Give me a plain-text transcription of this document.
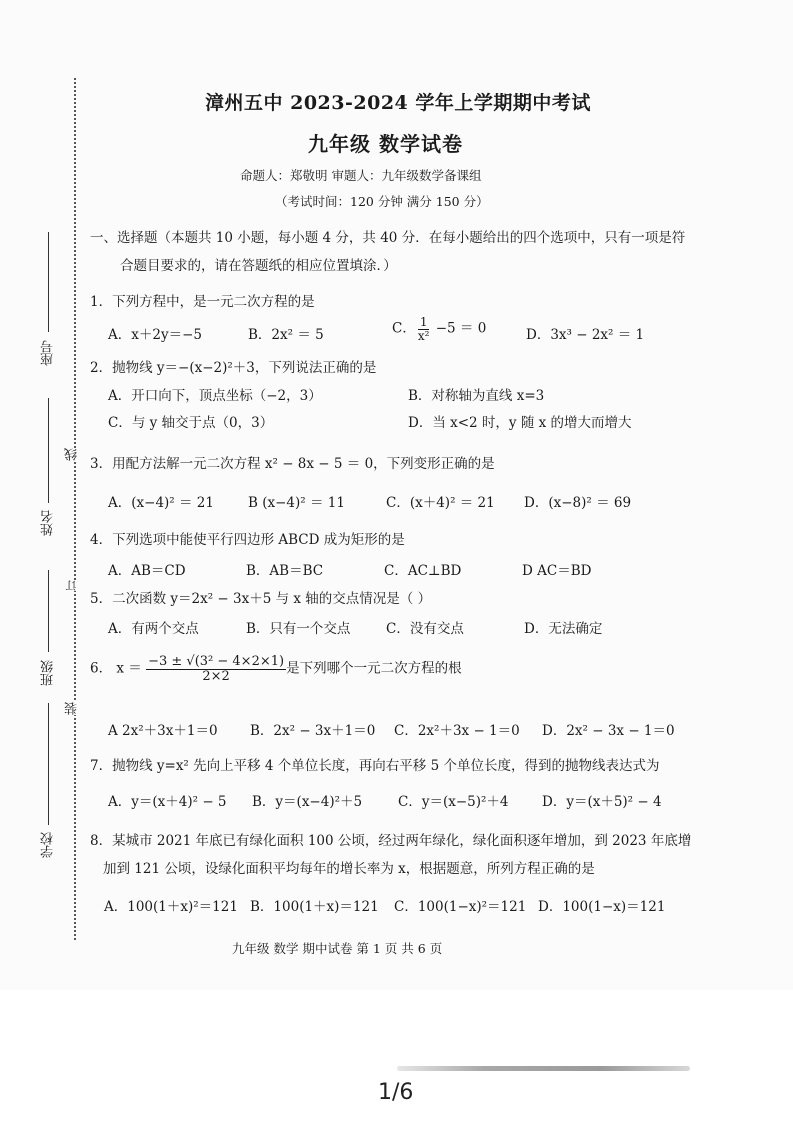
座号
姓名
班级
学校
线
订
装
漳州五中 2023-2024 学年上学期期中考试
九年级 数学试卷
命题人：郑敬明 审题人：九年级数学备课组
（考试时间：120 分钟 满分 150 分）
一、选择题（本题共 10 小题，每小题 4 分，共 40 分．在每小题给出的四个选项中，只有一项是符
合题目要求的，请在答题纸的相应位置填涂．）
1．下列方程中，是一元二次方程的是
A．x＋2y＝−5	B．2x² ＝ 5	C． $\frac{1}{\text{x²}} -5 = 0$	D．3x³ − 2x² ＝ 1
2．抛物线 y＝−(x−2)²＋3，下列说法正确的是
A．开口向下，顶点坐标（−2，3）	B．对称轴为直线 x=3
C．与 y 轴交于点（0，3）	D．当 x<2 时，y 随 x 的增大而增大
3．用配方法解一元二次方程 x² − 8x − 5 ＝ 0，下列变形正确的是
A．(x−4)² ＝ 21	B (x−4)² ＝ 11	C．(x＋4)² ＝ 21 D．(x−8)² ＝ 69
4．下列选项中能使平行四边形 ABCD 成为矩形的是
A．AB＝CD	B．AB＝BC	C．AC⊥BD	D AC＝BD
5．二次函数 y＝2x² − 3x＋5 与 x 轴的交点情况是（ ）
A．有两个交点	B．只有一个交点	C．没有交点	D．无法确定
6． $x = \frac{\text{−3 ± √(3² − 4×2×1)}}{2\times 2}$ 是下列哪个一元二次方程的根
A 2x²＋3x＋1＝0 B．2x² − 3x＋1＝0 C．2x²＋3x − 1＝0 D．2x² − 3x − 1＝0
7．抛物线 y=x² 先向上平移 4 个单位长度，再向右平移 5 个单位长度，得到的抛物线表达式为
A．y＝(x＋4)² − 5 B．y＝(x−4)²＋5	C．y＝(x−5)²＋4 D．y＝(x＋5)² − 4
8．某城市 2021 年底已有绿化面积 100 公顷，经过两年绿化，绿化面积逐年增加，到 2023 年底增
加到 121 公顷，设绿化面积平均每年的增长率为 x，根据题意，所列方程正确的是
A．100(1＋x)²＝121 B．100(1＋x)＝121 C．100(1−x)²＝121 D．100(1−x)＝121
九年级 数学 期中试卷 第 1 页 共 6 页
1/6
